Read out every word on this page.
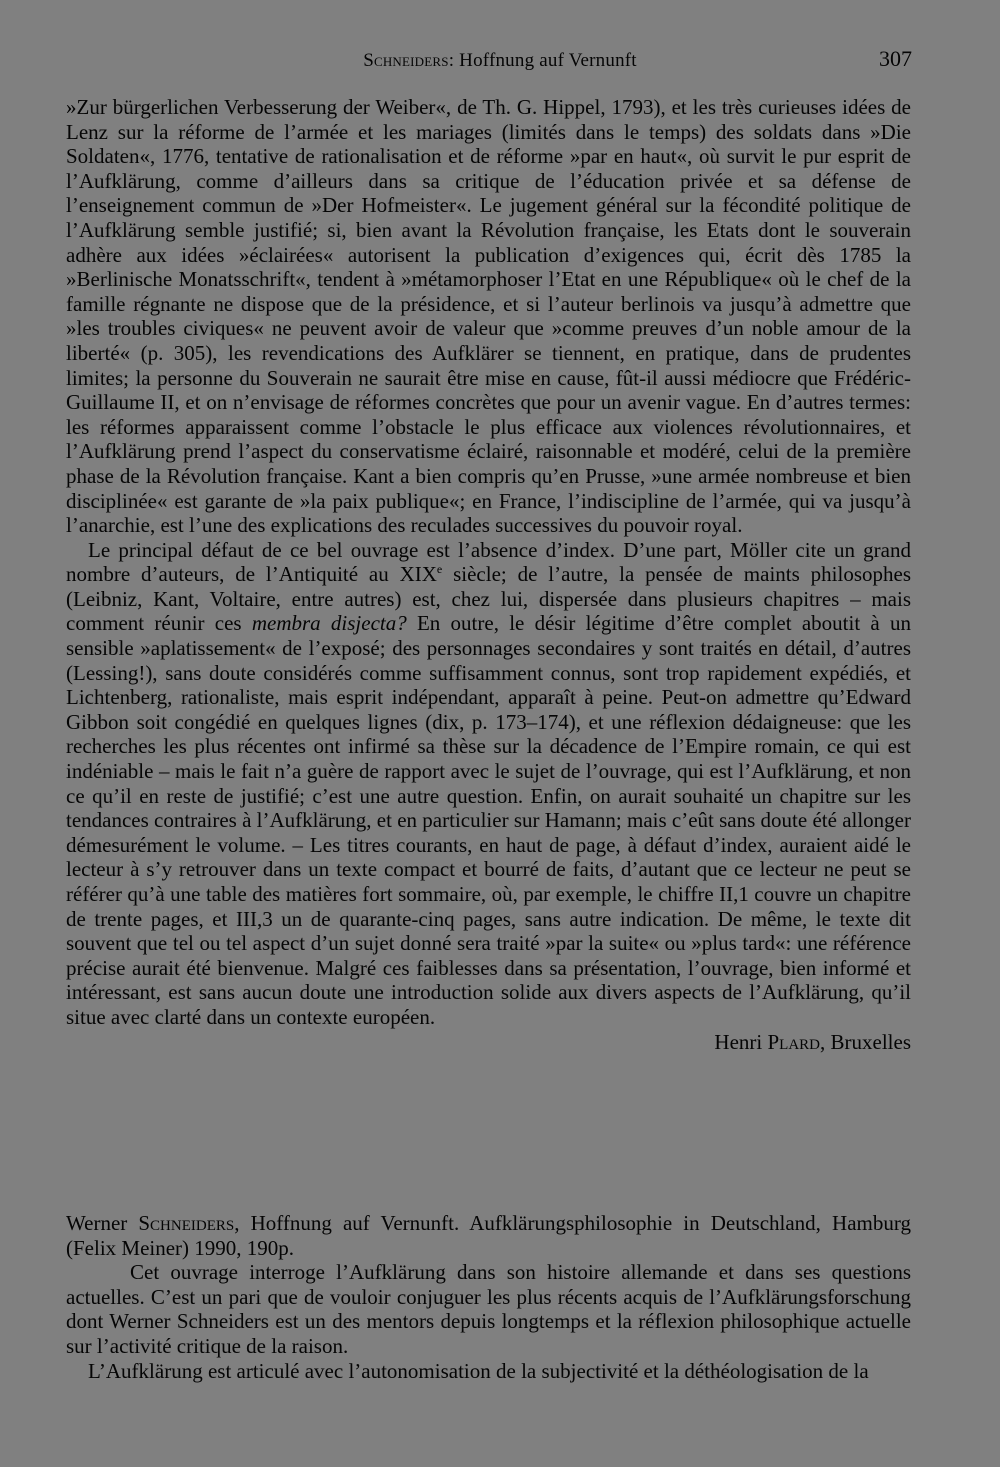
Schneiders: Hoffnung auf Vernunft	307

»Zur bürgerlichen Verbesserung der Weiber«, de Th. G. Hippel, 1793), et les très curieuses idées de Lenz sur la réforme de l’armée et les mariages (limités dans le temps) des soldats dans »Die Soldaten«, 1776, tentative de rationalisation et de réforme »par en haut«, où survit le pur esprit de l’Aufklärung, comme d’ailleurs dans sa critique de l’éducation privée et sa défense de l’enseignement commun de »Der Hofmeister«. Le jugement général sur la fécondité politique de l’Aufklärung semble justifié; si, bien avant la Révolution française, les Etats dont le souverain adhère aux idées »éclairées« autorisent la publication d’exigences qui, écrit dès 1785 la »Berlinische Monatsschrift«, tendent à »métamorphoser l’Etat en une République« où le chef de la famille régnante ne dispose que de la présidence, et si l’auteur berlinois va jusqu’à admettre que »les troubles civiques« ne peuvent avoir de valeur que »comme preuves d’un noble amour de la liberté« (p. 305), les revendications des Aufklärer se tiennent, en pratique, dans de prudentes limites; la personne du Souverain ne saurait être mise en cause, fût-il aussi médiocre que Frédéric-Guillaume II, et on n’envisage de réformes concrètes que pour un avenir vague. En d’autres termes: les réformes apparaissent comme l’obstacle le plus efficace aux violences révolutionnaires, et l’Aufklärung prend l’aspect du conservatisme éclairé, raisonnable et modéré, celui de la première phase de la Révolution française. Kant a bien compris qu’en Prusse, »une armée nombreuse et bien disciplinée« est garante de »la paix publique«; en France, l’indiscipline de l’armée, qui va jusqu’à l’anarchie, est l’une des explications des reculades successives du pouvoir royal.

Le principal défaut de ce bel ouvrage est l’absence d’index. D’une part, Möller cite un grand nombre d’auteurs, de l’Antiquité au XIXe siècle; de l’autre, la pensée de maints philosophes (Leibniz, Kant, Voltaire, entre autres) est, chez lui, dispersée dans plusieurs chapitres – mais comment réunir ces membra disjecta? En outre, le désir légitime d’être complet aboutit à un sensible »aplatissement« de l’exposé; des personnages secondaires y sont traités en détail, d’autres (Lessing!), sans doute considérés comme suffisamment connus, sont trop rapidement expédiés, et Lichtenberg, rationaliste, mais esprit indépendant, apparaît à peine. Peut-on admettre qu’Edward Gibbon soit congédié en quelques lignes (dix, p. 173–174), et une réflexion dédaigneuse: que les recherches les plus récentes ont infirmé sa thèse sur la décadence de l’Empire romain, ce qui est indéniable – mais le fait n’a guère de rapport avec le sujet de l’ouvrage, qui est l’Aufklärung, et non ce qu’il en reste de justifié; c’est une autre question. Enfin, on aurait souhaité un chapitre sur les tendances contraires à l’Aufklärung, et en particulier sur Hamann; mais c’eût sans doute été allonger démesurément le volume. – Les titres courants, en haut de page, à défaut d’index, auraient aidé le lecteur à s’y retrouver dans un texte compact et bourré de faits, d’autant que ce lecteur ne peut se référer qu’à une table des matières fort sommaire, où, par exemple, le chiffre II,1 couvre un chapitre de trente pages, et III,3 un de quarante-cinq pages, sans autre indication. De même, le texte dit souvent que tel ou tel aspect d’un sujet donné sera traité »par la suite« ou »plus tard«: une référence précise aurait été bienvenue. Malgré ces faiblesses dans sa présentation, l’ouvrage, bien informé et intéressant, est sans aucun doute une introduction solide aux divers aspects de l’Aufklärung, qu’il situe avec clarté dans un contexte européen.

Henri Plard, Bruxelles

Werner Schneiders, Hoffnung auf Vernunft. Aufklärungsphilosophie in Deutschland, Hamburg (Felix Meiner) 1990, 190p.

Cet ouvrage interroge l’Aufklärung dans son histoire allemande et dans ses questions actuelles. C’est un pari que de vouloir conjuguer les plus récents acquis de l’Aufklärungsforschung dont Werner Schneiders est un des mentors depuis longtemps et la réflexion philosophique actuelle sur l’activité critique de la raison.

L’Aufklärung est articulé avec l’autonomisation de la subjectivité et la déthéologisation de la
